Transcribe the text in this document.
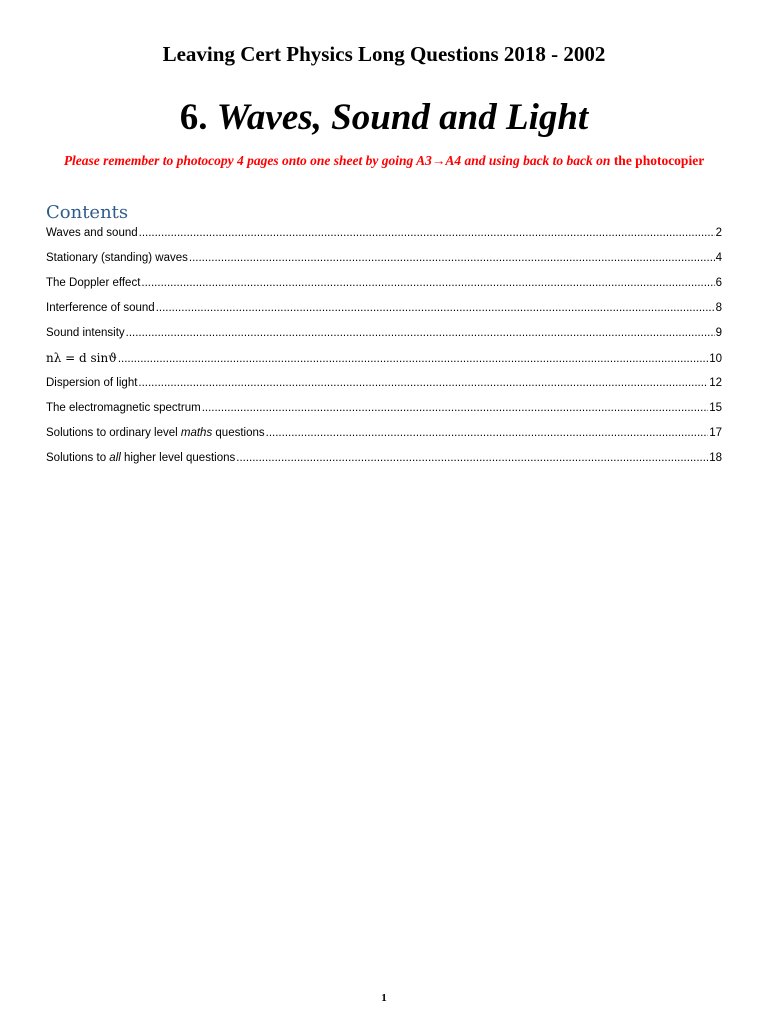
Leaving Cert Physics Long Questions 2018 - 2002
6. Waves, Sound and Light
Please remember to photocopy 4 pages onto one sheet by going A3→A4 and using back to back on the photocopier
Contents
Waves and sound .....	2
Stationary (standing) waves .....	4
The Doppler effect .....	6
Interference of sound .....	8
Sound intensity .....	9
nλ = d sinϑ .....	10
Dispersion of light .....	12
The electromagnetic spectrum .....	15
Solutions to ordinary level maths questions .....	17
Solutions to all higher level questions .....	18
1
